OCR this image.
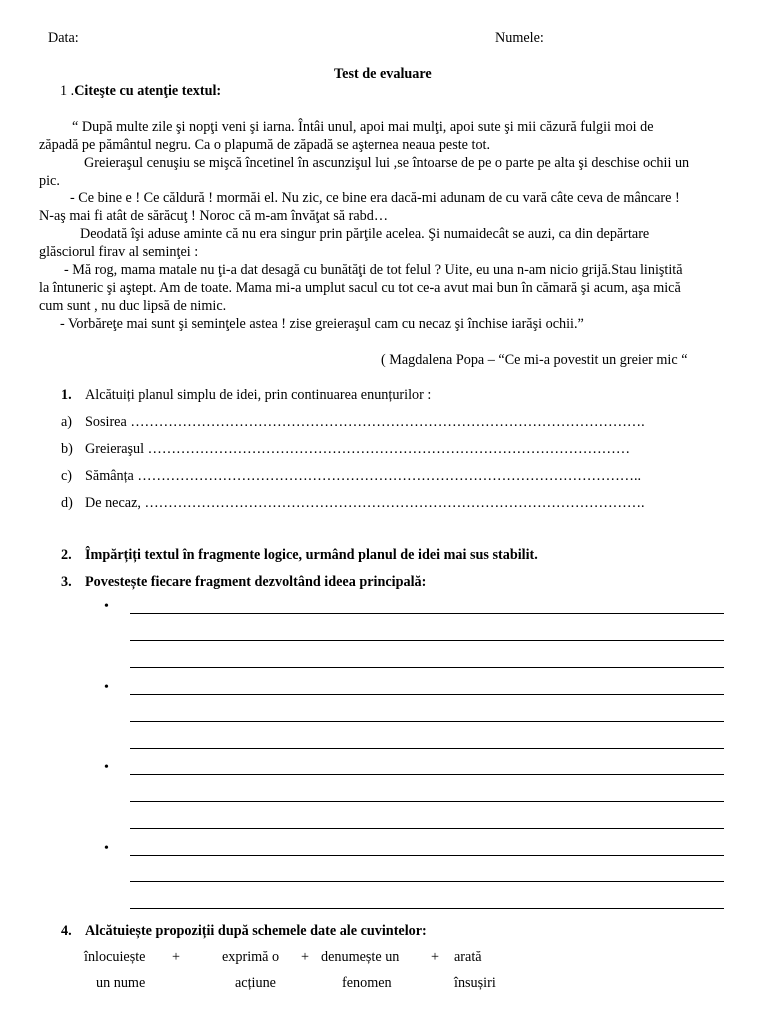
Data:	Numele:
Test de evaluare
1 .Citeşte cu atenţie textul:
“ După multe zile şi nopţi veni şi iarna. Întâi unul, apoi mai mulţi, apoi sute şi mii căzură fulgii moi de
zăpadă pe pământul negru. Ca o plapumă de zăpadă se aşternea neaua peste tot.
Greieraşul cenuşiu se mişcă încetinel în ascunzişul lui ,se întoarse de pe o parte pe alta şi deschise ochii un
pic.
- Ce bine e ! Ce căldură ! mormăi el. Nu zic, ce bine era dacă-mi adunam de cu vară câte ceva de mâncare !
N-aş mai fi atât de sărăcuţ ! Noroc că m-am învăţat să rabd…
Deodată îşi aduse aminte că nu era singur prin părţile acelea. Şi numaidecât se auzi, ca din depărtare
glăsciorul firav al seminţei :
- Mă rog, mama matale nu ţi-a dat desagă cu bunătăţi de tot felul ? Uite, eu una n-am nicio grijă.Stau liniştită
la întuneric şi aştept. Am de toate. Mama mi-a umplut sacul cu tot ce-a avut mai bun în cămară şi acum, aşa mică
cum sunt , nu duc lipsă de nimic.
- Vorbăreţe mai sunt şi seminţele astea ! zise greieraşul cam cu necaz şi închise iarăşi ochii.”
( Magdalena Popa – “Ce mi-a povestit un greier mic “
1. Alcătuiți planul simplu de idei, prin continuarea enunțurilor :
a) Sosirea ……………………………………………………………………………………………….
b) Greieraşul …………………………………………………………………………………………
c) Sămânța ……………………………………………………………………………………………..
d) De necaz, …………………………………………………………………………………………….
2. Împărțiți textul în fragmente logice, urmând planul de idei mai sus stabilit.
3. Povestește fiecare fragment dezvoltând ideea principală:
•
•
•
•
4. Alcătuiește propoziții după schemele date ale cuvintelor:
înlocuiește +	exprimă o + denumește un + arată
un nume	acțiune	fenomen	însușiri
